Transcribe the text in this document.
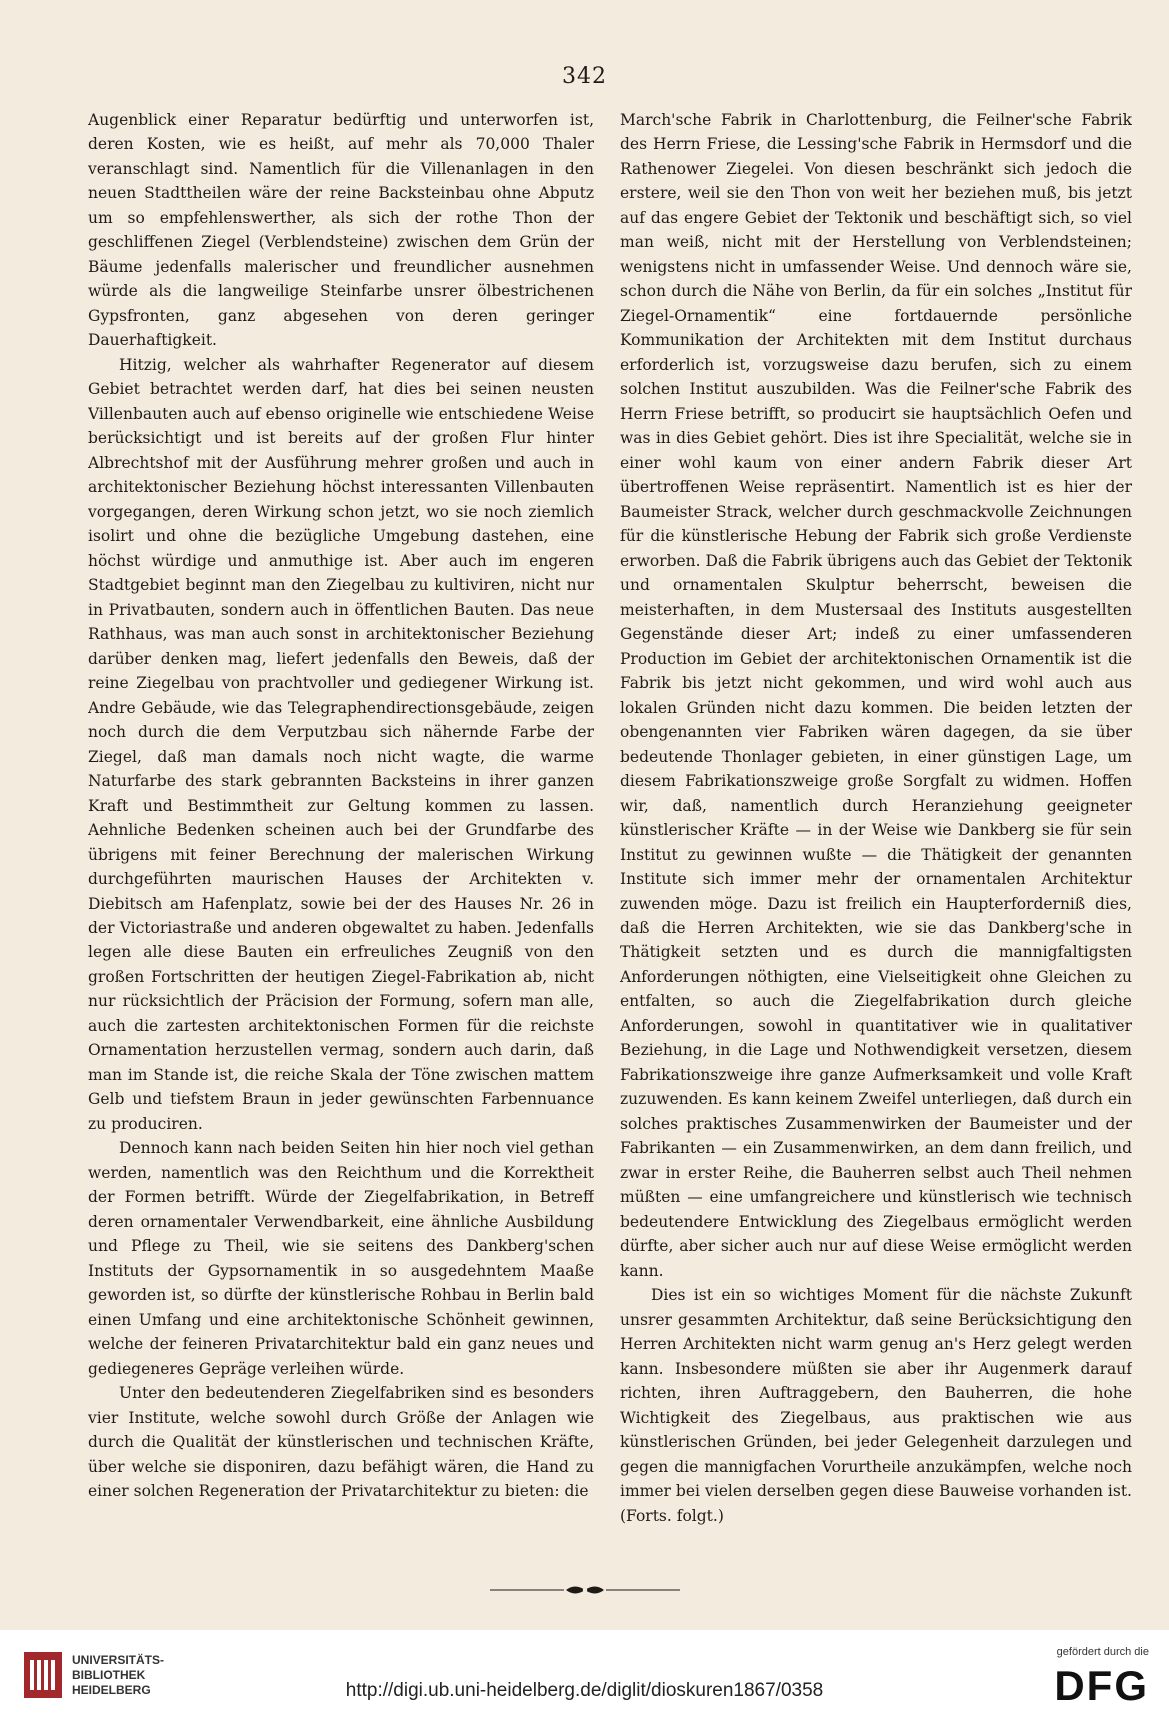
342

Augenblick einer Reparatur bedürftig und unterworfen ist, deren Kosten, wie es heißt, auf mehr als 70,000 Thaler veranschlagt sind. Namentlich für die Villenanlagen in den neuen Stadttheilen wäre der reine Backsteinbau ohne Abputz um so empfehlenswerther, als sich der rothe Thon der geschliffenen Ziegel (Verblendsteine) zwischen dem Grün der Bäume jedenfalls malerischer und freundlicher ausnehmen würde als die langweilige Steinfarbe unsrer ölbestrichenen Gypsfronten, ganz abgesehen von deren geringer Dauerhaftigkeit.

Hitzig, welcher als wahrhafter Regenerator auf diesem Gebiet betrachtet werden darf, hat dies bei seinen neusten Villenbauten auch auf ebenso originelle wie entschiedene Weise berücksichtigt und ist bereits auf der großen Flur hinter Albrechtshof mit der Ausführung mehrer großen und auch in architektonischer Beziehung höchst interessanten Villenbauten vorgegangen, deren Wirkung schon jetzt, wo sie noch ziemlich isolirt und ohne die bezügliche Umgebung dastehen, eine höchst würdige und anmuthige ist. Aber auch im engeren Stadtgebiet beginnt man den Ziegelbau zu kultiviren, nicht nur in Privatbauten, sondern auch in öffentlichen Bauten. Das neue Rathhaus, was man auch sonst in architektonischer Beziehung darüber denken mag, liefert jedenfalls den Beweis, daß der reine Ziegelbau von prachtvoller und gediegener Wirkung ist. Andre Gebäude, wie das Telegraphendirectionsgebäude, zeigen noch durch die dem Verputzbau sich nähernde Farbe der Ziegel, daß man damals noch nicht wagte, die warme Naturfarbe des stark gebrannten Backsteins in ihrer ganzen Kraft und Bestimmtheit zur Geltung kommen zu lassen. Aehnliche Bedenken scheinen auch bei der Grundfarbe des übrigens mit feiner Berechnung der malerischen Wirkung durchgeführten maurischen Hauses der Architekten v. Diebitsch am Hafenplatz, sowie bei der des Hauses Nr. 26 in der Victoriastraße und anderen obgewaltet zu haben. Jedenfalls legen alle diese Bauten ein erfreuliches Zeugniß von den großen Fortschritten der heutigen Ziegel-Fabrikation ab, nicht nur rücksichtlich der Präcision der Formung, sofern man alle, auch die zartesten architektonischen Formen für die reichste Ornamentation herzustellen vermag, sondern auch darin, daß man im Stande ist, die reiche Skala der Töne zwischen mattem Gelb und tiefstem Braun in jeder gewünschten Farbennuance zu produciren.

Dennoch kann nach beiden Seiten hin hier noch viel gethan werden, namentlich was den Reichthum und die Korrektheit der Formen betrifft. Würde der Ziegelfabrikation, in Betreff deren ornamentaler Verwendbarkeit, eine ähnliche Ausbildung und Pflege zu Theil, wie sie seitens des Dankberg'schen Instituts der Gypsornamentik in so ausgedehntem Maaße geworden ist, so dürfte der künstlerische Rohbau in Berlin bald einen Umfang und eine architektonische Schönheit gewinnen, welche der feineren Privatarchitektur bald ein ganz neues und gediegeneres Gepräge verleihen würde.

Unter den bedeutenderen Ziegelfabriken sind es besonders vier Institute, welche sowohl durch Größe der Anlagen wie durch die Qualität der künstlerischen und technischen Kräfte, über welche sie disponiren, dazu befähigt wären, die Hand zu einer solchen Regeneration der Privatarchitektur zu bieten: die

March'sche Fabrik in Charlottenburg, die Feilner'sche Fabrik des Herrn Friese, die Lessing'sche Fabrik in Hermsdorf und die Rathenower Ziegelei. Von diesen beschränkt sich jedoch die erstere, weil sie den Thon von weit her beziehen muß, bis jetzt auf das engere Gebiet der Tektonik und beschäftigt sich, so viel man weiß, nicht mit der Herstellung von Verblendsteinen; wenigstens nicht in umfassender Weise. Und dennoch wäre sie, schon durch die Nähe von Berlin, da für ein solches „Institut für Ziegel-Ornamentik“ eine fortdauernde persönliche Kommunikation der Architekten mit dem Institut durchaus erforderlich ist, vorzugsweise dazu berufen, sich zu einem solchen Institut auszubilden. Was die Feilner'sche Fabrik des Herrn Friese betrifft, so producirt sie hauptsächlich Oefen und was in dies Gebiet gehört. Dies ist ihre Specialität, welche sie in einer wohl kaum von einer andern Fabrik dieser Art übertroffenen Weise repräsentirt. Namentlich ist es hier der Baumeister Strack, welcher durch geschmackvolle Zeichnungen für die künstlerische Hebung der Fabrik sich große Verdienste erworben. Daß die Fabrik übrigens auch das Gebiet der Tektonik und ornamentalen Skulptur beherrscht, beweisen die meisterhaften, in dem Mustersaal des Instituts ausgestellten Gegenstände dieser Art; indeß zu einer umfassenderen Production im Gebiet der architektonischen Ornamentik ist die Fabrik bis jetzt nicht gekommen, und wird wohl auch aus lokalen Gründen nicht dazu kommen. Die beiden letzten der obengenannten vier Fabriken wären dagegen, da sie über bedeutende Thonlager gebieten, in einer günstigen Lage, um diesem Fabrikationszweige große Sorgfalt zu widmen. Hoffen wir, daß, namentlich durch Heranziehung geeigneter künstlerischer Kräfte — in der Weise wie Dankberg sie für sein Institut zu gewinnen wußte — die Thätigkeit der genannten Institute sich immer mehr der ornamentalen Architektur zuwenden möge. Dazu ist freilich ein Haupterforderniß dies, daß die Herren Architekten, wie sie das Dankberg'sche in Thätigkeit setzten und es durch die mannigfaltigsten Anforderungen nöthigten, eine Vielseitigkeit ohne Gleichen zu entfalten, so auch die Ziegelfabrikation durch gleiche Anforderungen, sowohl in quantitativer wie in qualitativer Beziehung, in die Lage und Nothwendigkeit versetzen, diesem Fabrikationszweige ihre ganze Aufmerksamkeit und volle Kraft zuzuwenden. Es kann keinem Zweifel unterliegen, daß durch ein solches praktisches Zusammenwirken der Baumeister und der Fabrikanten — ein Zusammenwirken, an dem dann freilich, und zwar in erster Reihe, die Bauherren selbst auch Theil nehmen müßten — eine umfangreichere und künstlerisch wie technisch bedeutendere Entwicklung des Ziegelbaus ermöglicht werden dürfte, aber sicher auch nur auf diese Weise ermöglicht werden kann.

Dies ist ein so wichtiges Moment für die nächste Zukunft unsrer gesammten Architektur, daß seine Berücksichtigung den Herren Architekten nicht warm genug an's Herz gelegt werden kann. Insbesondere müßten sie aber ihr Augenmerk darauf richten, ihren Auftraggebern, den Bauherren, die hohe Wichtigkeit des Ziegelbaus, aus praktischen wie aus künstlerischen Gründen, bei jeder Gelegenheit darzulegen und gegen die mannigfachen Vorurtheile anzukämpfen, welche noch immer bei vielen derselben gegen diese Bauweise vorhanden ist. (Forts. folgt.)

UNIVERSITÄTS-
BIBLIOTHEK
HEIDELBERG	http://digi.ub.uni-heidelberg.de/diglit/dioskuren1867/0358
gefördert durch die
DFG
